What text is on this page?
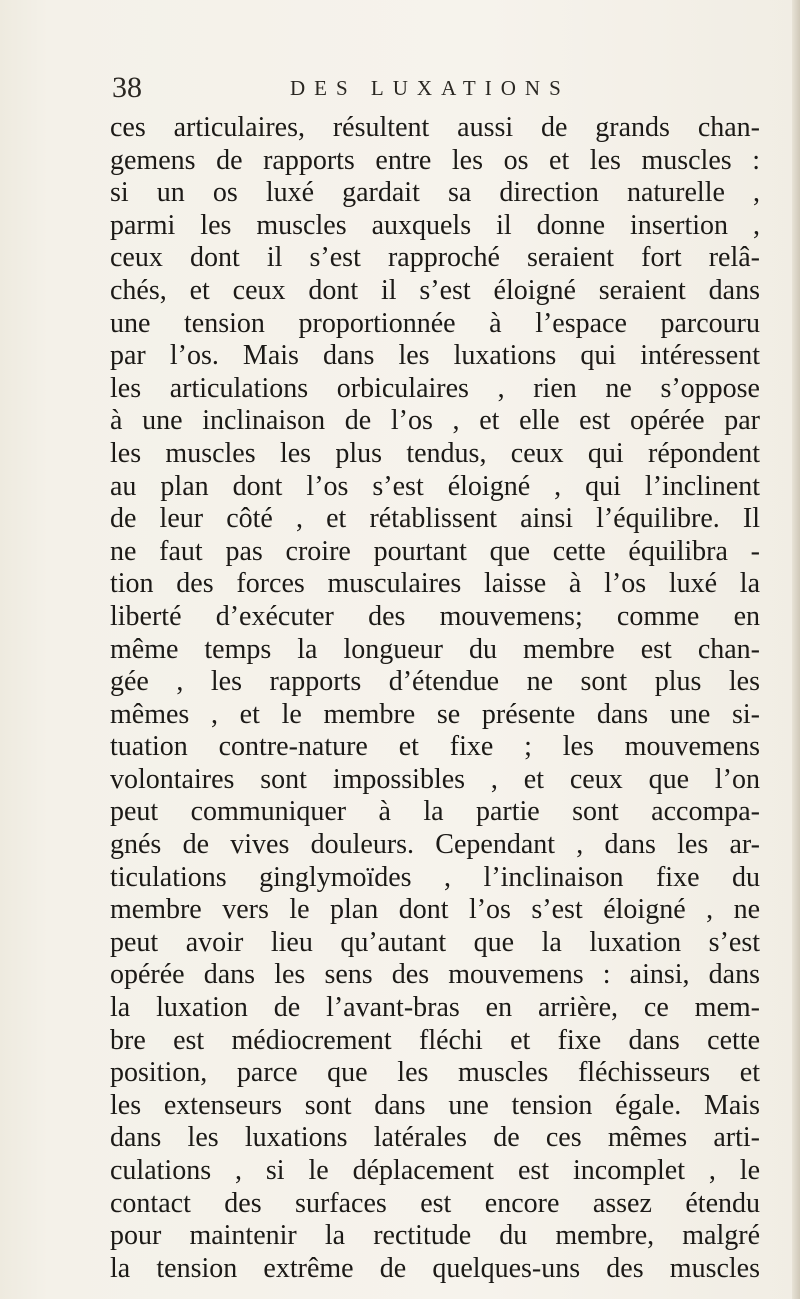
38	DES LUXATIONS
ces articulaires, résultent aussi de grands chan-
gemens de rapports entre les os et les muscles :
si un os luxé gardait sa direction naturelle ,
parmi les muscles auxquels il donne insertion ,
ceux dont il s’est rapproché seraient fort relâ-
chés, et ceux dont il s’est éloigné seraient dans
une tension proportionnée à l’espace parcouru
par l’os. Mais dans les luxations qui intéressent
les articulations orbiculaires , rien ne s’oppose
à une inclinaison de l’os , et elle est opérée par
les muscles les plus tendus, ceux qui répondent
au plan dont l’os s’est éloigné , qui l’inclinent
de leur côté , et rétablissent ainsi l’équilibre. Il
ne faut pas croire pourtant que cette équilibra -
tion des forces musculaires laisse à l’os luxé la
liberté d’exécuter des mouvemens; comme en
même temps la longueur du membre est chan-
gée , les rapports d’étendue ne sont plus les
mêmes , et le membre se présente dans une si-
tuation contre-nature et fixe ; les mouvemens
volontaires sont impossibles , et ceux que l’on
peut communiquer à la partie sont accompa-
gnés de vives douleurs. Cependant , dans les ar-
ticulations ginglymoïdes , l’inclinaison fixe du
membre vers le plan dont l’os s’est éloigné , ne
peut avoir lieu qu’autant que la luxation s’est
opérée dans les sens des mouvemens : ainsi, dans
la luxation de l’avant-bras en arrière, ce mem-
bre est médiocrement fléchi et fixe dans cette
position, parce que les muscles fléchisseurs et
les extenseurs sont dans une tension égale. Mais
dans les luxations latérales de ces mêmes arti-
culations , si le déplacement est incomplet , le
contact des surfaces est encore assez étendu
pour maintenir la rectitude du membre, malgré
la tension extrême de quelques-uns des muscles
